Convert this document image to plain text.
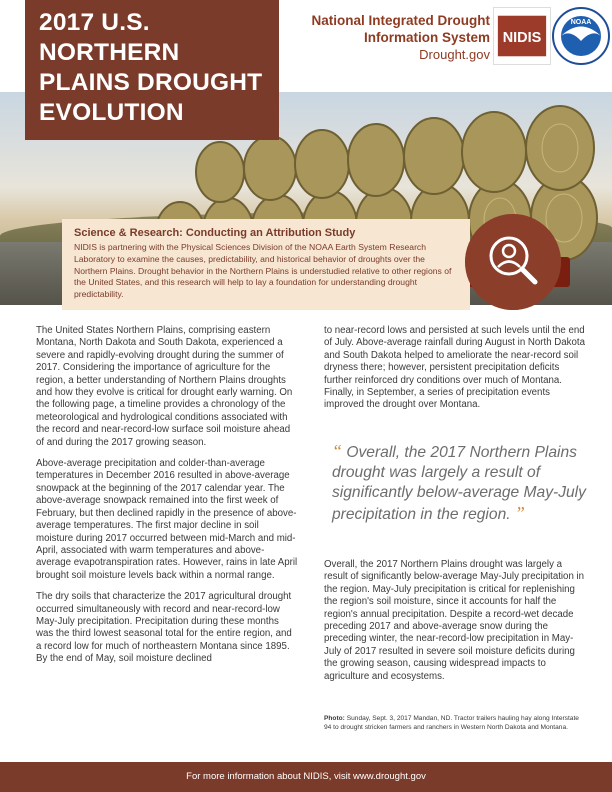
2017 U.S. NORTHERN PLAINS DROUGHT EVOLUTION
National Integrated Drought
Information System
Drought.gov
NIDIS
NOAA
Science & Research: Conducting an Attribution Study

NIDIS is partnering with the Physical Sciences Division of the NOAA Earth System Research Laboratory to examine the causes, predictability, and historical behavior of droughts over the Northern Plains. Drought behavior in the Northern Plains is understudied relative to other regions of the United States, and this research will help to lay a foundation for understanding drought predictability.

The United States Northern Plains, comprising eastern Montana, North Dakota and South Dakota, experienced a severe and rapidly-evolving drought during the summer of 2017. Considering the importance of agriculture for the region, a better understanding of Northern Plains droughts and how they evolve is critical for drought early warning. On the following page, a timeline provides a chronology of the meteorological and hydrological conditions associated with the record and near-record-low surface soil moisture ahead of and during the 2017 growing season.

Above-average precipitation and colder-than-average temperatures in December 2016 resulted in above-average snowpack at the beginning of the 2017 calendar year. The above-average snowpack remained into the first week of February, but then declined rapidly in the presence of above-average temperatures. The first major decline in soil moisture during 2017 occurred between mid-March and mid-April, associated with warm temperatures and above-average evapotranspiration rates. However, rains in late April brought soil moisture levels back within a normal range.

The dry soils that characterize the 2017 agricultural drought occurred simultaneously with record and near-record-low May-July precipitation. Precipitation during these months was the third lowest seasonal total for the entire region, and a record low for much of northeastern Montana since 1895. By the end of May, soil moisture declined

to near-record lows and persisted at such levels until the end of July. Above-average rainfall during August in North Dakota and South Dakota helped to ameliorate the near-record soil dryness there; however, persistent precipitation deficits further reinforced dry conditions over much of Montana. Finally, in September, a series of precipitation events improved the drought over Montana.

“ Overall, the 2017 Northern Plains drought was largely a result of significantly below-average May-July precipitation in the region. ”

Overall, the 2017 Northern Plains drought was largely a result of significantly below-average May-July precipitation in the region. May-July precipitation is critical for replenishing the region's soil moisture, since it accounts for half the region's annual precipitation. Despite a record-wet decade preceding 2017 and above-average snow during the preceding winter, the near-record-low precipitation in May-July of 2017 resulted in severe soil moisture deficits during the growing season, causing widespread impacts to agriculture and ecosystems.

Photo: Sunday, Sept. 3, 2017 Mandan, ND. Tractor trailers hauling hay along Interstate 94 to drought stricken farmers and ranchers in Western North Dakota and Montana.
For more information about NIDIS, visit www.drought.gov
